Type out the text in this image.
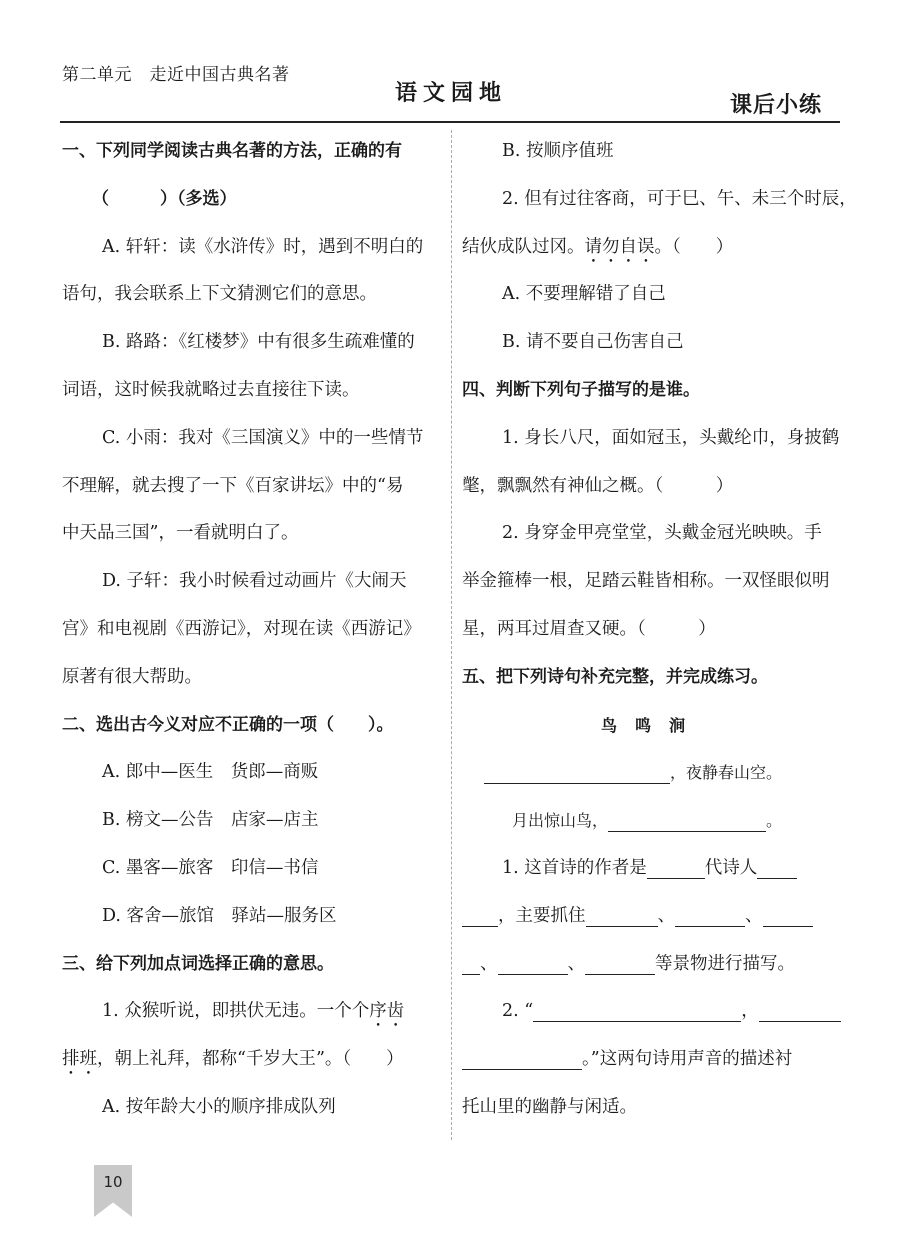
第二单元　走近中国古典名著
语文园地	课后小练
一、下列同学阅读古典名著的方法，正确的有
（　　　）（多选）
A. 轩轩：读《水浒传》时，遇到不明白的
语句，我会联系上下文猜测它们的意思。
B. 路路：《红楼梦》中有很多生疏难懂的
词语，这时候我就略过去直接往下读。
C. 小雨：我对《三国演义》中的一些情节
不理解，就去搜了一下《百家讲坛》中的“易
中天品三国”，一看就明白了。
D. 子轩：我小时候看过动画片《大闹天
宫》和电视剧《西游记》，对现在读《西游记》
原著有很大帮助。
二、选出古今义对应不正确的一项（　　）。
A. 郎中—医生　货郎—商贩
B. 榜文—公告　店家—店主
C. 墨客—旅客　印信—书信
D. 客舍—旅馆　驿站—服务区
三、给下列加点词选择正确的意思。
1. 众猴听说，即拱伏无违。一个个序齿
排班，朝上礼拜，都称“千岁大王”。（　　）
A. 按年龄大小的顺序排成队列
B. 按顺序值班
2. 但有过往客商，可于巳、午、未三个时辰，
结伙成队过冈。请勿自误。（　　）
A. 不要理解错了自己
B. 请不要自己伤害自己
四、判断下列句子描写的是谁。
1. 身长八尺，面如冠玉，头戴纶巾，身披鹤
氅，飘飘然有神仙之概。（　　　）
2. 身穿金甲亮堂堂，头戴金冠光映映。手
举金箍棒一根，足踏云鞋皆相称。一双怪眼似明
星，两耳过眉查又硬。（　　　）
五、把下列诗句补充完整，并完成练习。
鸟鸣涧
，夜静春山空。
月出惊山鸟，	。
1. 这首诗的作者是	代诗人
，主要抓住	、	、
、	、	等景物进行描写。
2. “	，
。”这两句诗用声音的描述衬
托山里的幽静与闲适。
10
